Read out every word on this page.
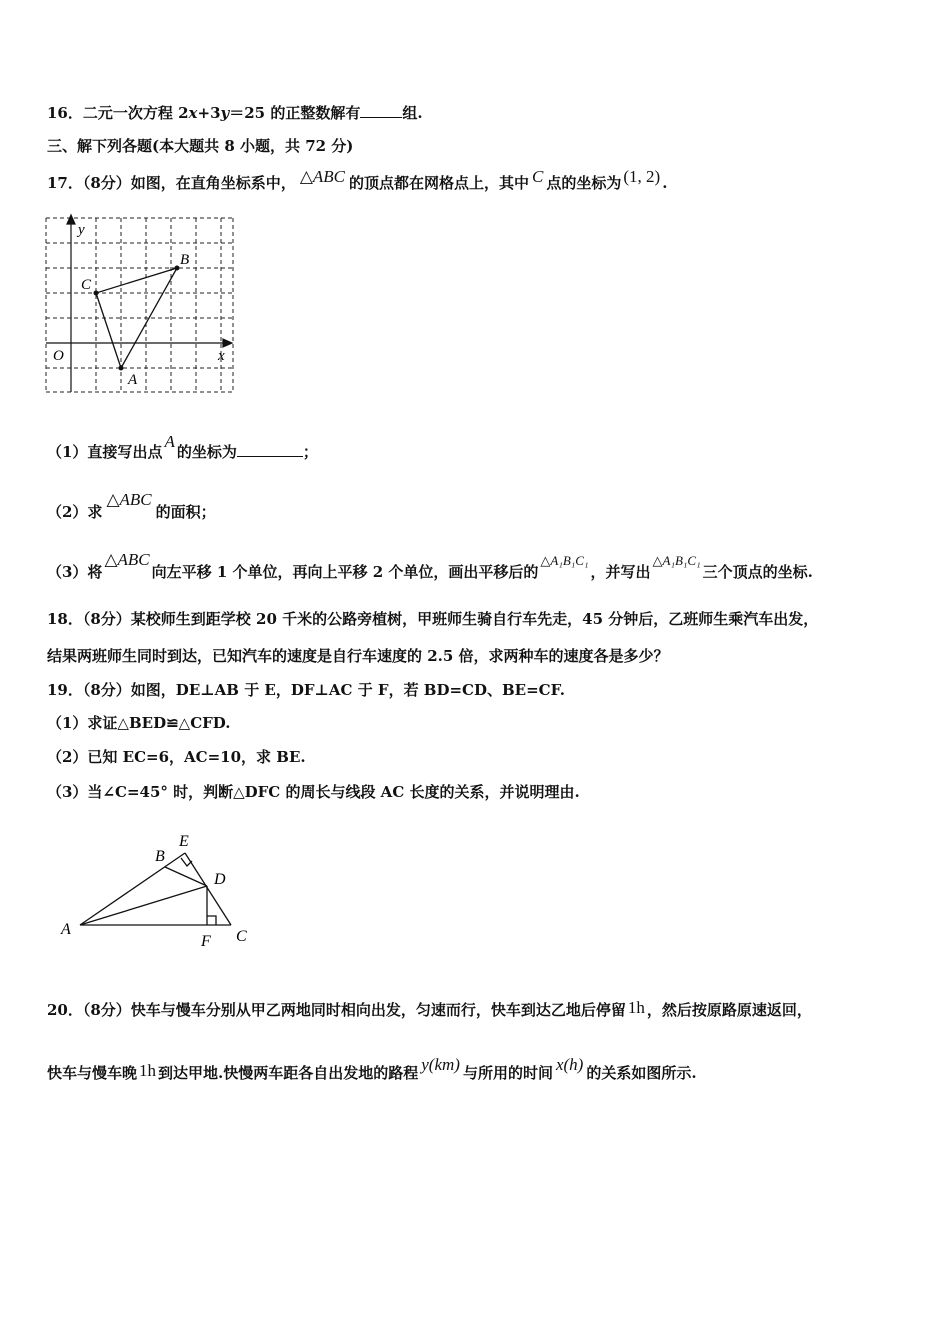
16．二元一次方程 2x+3y＝25 的正整数解有	组.
三、解下列各题(本大题共 8 小题，共 72 分)
17．（8分）如图，在直角坐标系中， △ABC 的顶点都在网格点上，其中 C 点的坐标为 (1, 2) .
y
x
O
A
B
C
（1）直接写出点A的坐标为	；
（2）求△ABC的面积；
（3）将△ABC向左平移 1 个单位，再向上平移 2 个单位，画出平移后的△A₁B₁C₁，并写出△A₁B₁C₁三个顶点的坐标.
18．（8分）某校师生到距学校 20 千米的公路旁植树，甲班师生骑自行车先走，45 分钟后，乙班师生乘汽车出发，
结果两班师生同时到达，已知汽车的速度是自行车速度的 2.5 倍，求两种车的速度各是多少？
19．（8分）如图，DE⊥AB 于 E，DF⊥AC 于 F，若 BD=CD、BE=CF.
（1）求证△BED≌△CFD.
（2）已知 EC=6，AC=10，求 BE.
（3）当∠C=45° 时，判断△DFC 的周长与线段 AC 长度的关系，并说明理由.
A
B
C
D
E
F
20．（8分）快车与慢车分别从甲乙两地同时相向出发，匀速而行，快车到达乙地后停留 1h ，然后按原路原速返回，
快车与慢车晚 1h 到达甲地.快慢两车距各自出发地的路程 y(km) 与所用的时间 x(h) 的关系如图所示.
